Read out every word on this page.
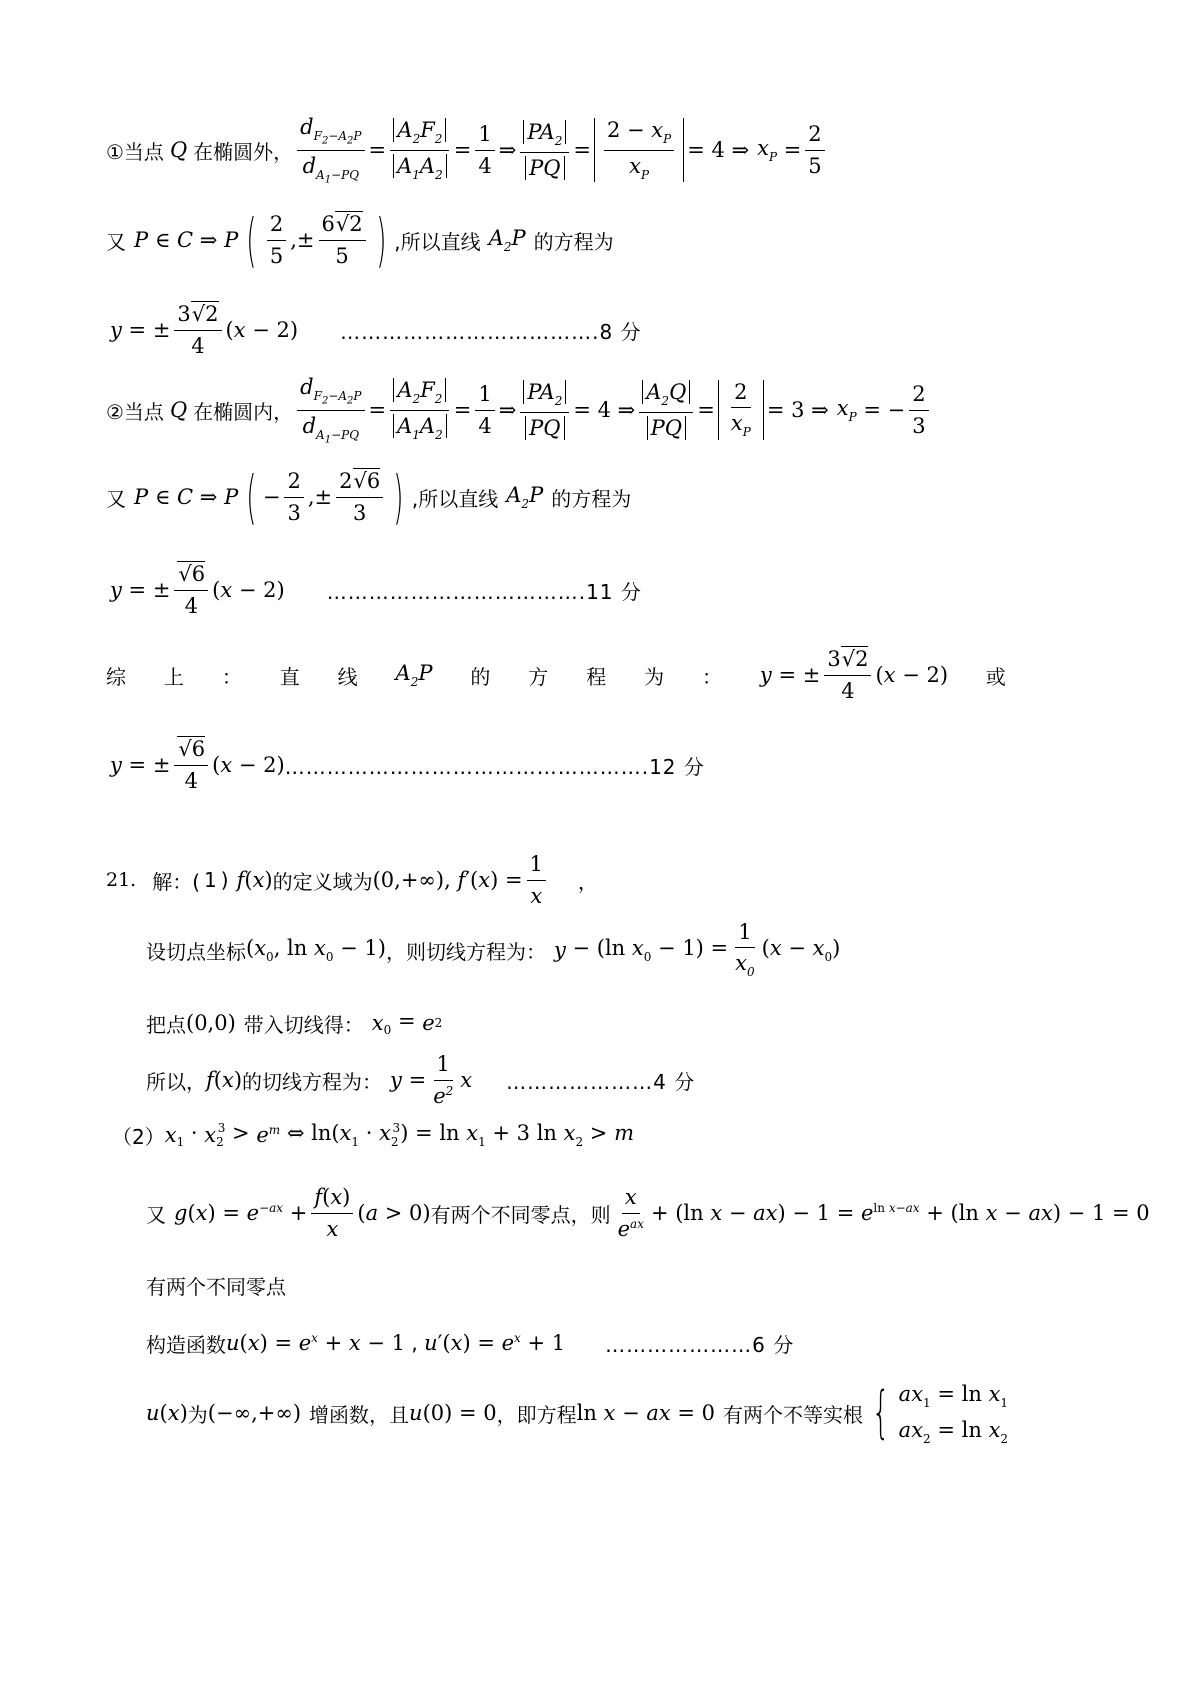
①当点 Q 在椭圆外， $\frac{d_{F_2-A_2P}}{d_{A_1-PQ}} = \frac{A_2F_2}{A_1A_2} = \frac{1}{4}$ ⇒ $\frac{PA_2}{PQ} = \frac{2 - x_P}{x_P} = 4$ ⇒ $x_P = \frac{2}{5}$
又 P ∈ C ⇒ P ( $\frac{2}{5}$ ,± $\frac{6√2}{5}$ ) ,所以直线 $A_2P$ 的方程为
y = ± $\frac{3√2}{4} (x - 2)$ ……………………………….8 分
②当点 Q 在椭圆内， $\frac{d_{F_2-A_2P}}{d_{A_1-PQ}} = \frac{A_2F_2}{A_1A_2} = \frac{1}{4}$ ⇒ $\frac{PA_2}{PQ} = 4$ ⇒ $\frac{A_2Q}{PQ} = \frac{2}{x_P} = 3$ ⇒ $x_P$ = − $\frac{2}{3}$
又 P ∈ C ⇒ P ( − $\frac{2}{3}$ ,± $\frac{2√6}{3}$ ) ,所以直线 $A_2P$ 的方程为
y = ± $\frac{√6}{4} (x - 2)$ ……………………………….11 分
综 上 ： 直 线 $A_2P$ 的 方 程 为 ： y = ± $\frac{3√2}{4} (x - 2)$ 或
y = ± $\frac{√6}{4} (x - 2)$ …………………………………………….12 分
21. 解：( 1 ) f (x) 的定义域为 (0,+∞), $f'(x) = \frac{1}{x}$ ，
设切点坐标 ($x_0$, $\ln x_0 - 1$) ，则切线方程为： y − (ln $x_0 - 1) = \frac{1}{x_0} (x - x_0)$
把点 (0,0) 带入切线得： x $_0$ = e 2
所以， f (x) 的切线方程为： $y = \frac{1}{e^2}$ x …………………4 分
（2） x $_1$ · x $_2^3 > e^m$ ⇔ $\ln(x_1 \cdot x_2^3) = \ln x_1 + 3$ $\ln x_2 > m$
又 g $(x) = e^{-ax} + \frac{f(x)}{x} (a > 0)$ 有两个不同零点，则 $\frac{x}{e^{ax}} + (\ln$ $x - ax) - 1 = e^{ln x-ax} + (\ln$ x − ax) − 1 = 0
有两个不同零点
构造函数 u $(x) = e^x + x - 1$ , u $'(x) = e^x + 1$ …………………6 分
u (x) 为 (−∞,+∞) 增函数，且 u (0) = 0 ，即方程 ln x − ax = 0 有两个不等实根 { $ax_1 = \ln x_1$
$ax_2 = \ln x_2$
